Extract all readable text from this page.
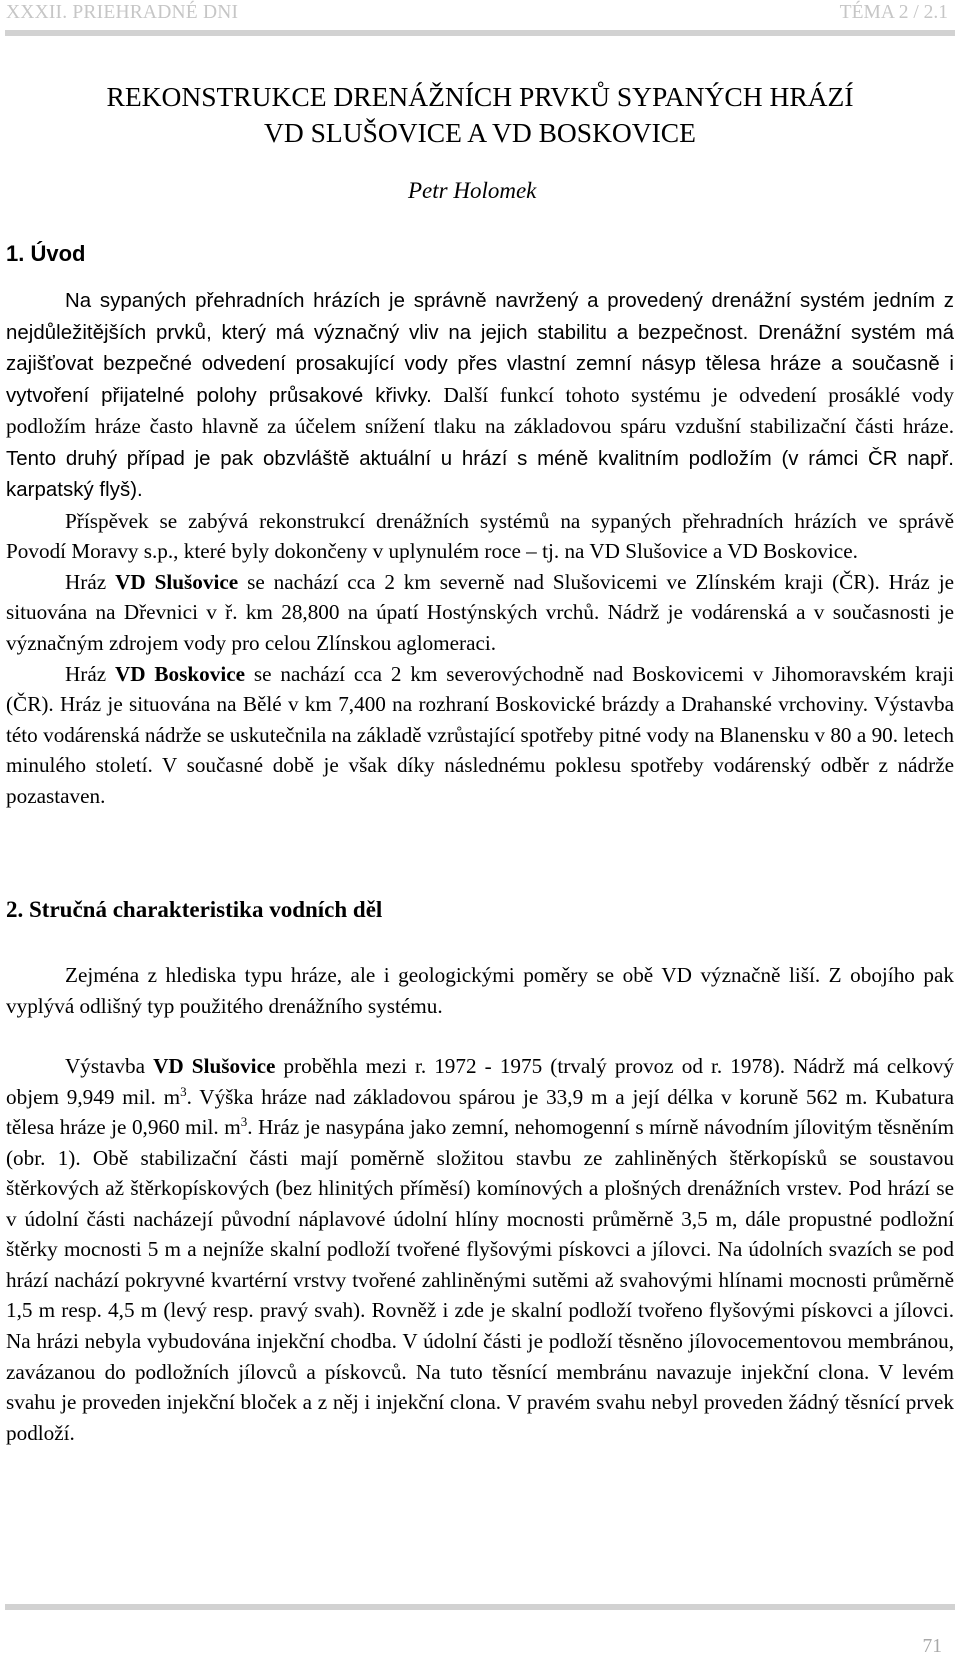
XXXII. PRIEHRADNÉ DNI	TÉMA 2 / 2.1
REKONSTRUKCE DRENÁŽNÍCH PRVKŮ SYPANÝCH HRÁZÍ
VD SLUŠOVICE A VD BOSKOVICE
Petr Holomek
1. Úvod

Na sypaných přehradních hrázích je správně navržený a provedený drenážní systém jedním z nejdůležitějších prvků, který má význačný vliv na jejich stabilitu a bezpečnost. Drenážní systém má zajišťovat bezpečné odvedení prosakující vody přes vlastní zemní násyp tělesa hráze a současně i vytvoření přijatelné polohy průsakové křivky. Další funkcí tohoto systému je odvedení prosáklé vody podložím hráze často hlavně za účelem snížení tlaku na základovou spáru vzdušní stabilizační části hráze. Tento druhý případ je pak obzvláště aktuální u hrází s méně kvalitním podložím (v rámci ČR např. karpatský flyš).

Příspěvek se zabývá rekonstrukcí drenážních systémů na sypaných přehradních hrázích ve správě Povodí Moravy s.p., které byly dokončeny v uplynulém roce – tj. na VD Slušovice a VD Boskovice.

Hráz VD Slušovice se nachází cca 2 km severně nad Slušovicemi ve Zlínském kraji (ČR). Hráz je situována na Dřevnici v ř. km 28,800 na úpatí Hostýnských vrchů. Nádrž je vodárenská a v současnosti je význačným zdrojem vody pro celou Zlínskou aglomeraci.

Hráz VD Boskovice se nachází cca 2 km severovýchodně nad Boskovicemi v Jihomoravském kraji (ČR). Hráz je situována na Bělé v km 7,400 na rozhraní Boskovické brázdy a Drahanské vrchoviny. Výstavba této vodárenská nádrže se uskutečnila na základě vzrůstající spotřeby pitné vody na Blanensku v 80 a 90. letech minulého století. V současné době je však díky následnému poklesu spotřeby vodárenský odběr z nádrže pozastaven.

2. Stručná charakteristika vodních děl

Zejména z hlediska typu hráze, ale i geologickými poměry se obě VD význačně liší. Z obojího pak vyplývá odlišný typ použitého drenážního systému.

Výstavba VD Slušovice proběhla mezi r. 1972 - 1975 (trvalý provoz od r. 1978). Nádrž má celkový objem 9,949 mil. $m^3$. Výška hráze nad základovou spárou je 33,9 m a její délka v koruně 562 m. Kubatura tělesa hráze je 0,960 mil. $m^3$. Hráz je nasypána jako zemní, nehomogenní s mírně návodním jílovitým těsněním (obr. 1). Obě stabilizační části mají poměrně složitou stavbu ze zahliněných štěrkopísků se soustavou štěrkových až štěrkopískových (bez hlinitých příměsí) komínových a plošných drenážních vrstev. Pod hrází se v údolní části nacházejí původní náplavové údolní hlíny mocnosti průměrně 3,5 m, dále propustné podložní štěrky mocnosti 5 m a nejníže skalní podloží tvořené flyšovými pískovci a jílovci. Na údolních svazích se pod hrází nachází pokryvné kvartérní vrstvy tvořené zahliněnými sutěmi až svahovými hlínami mocnosti průměrně 1,5 m resp. 4,5 m (levý resp. pravý svah). Rovněž i zde je skalní podloží tvořeno flyšovými pískovci a jílovci. Na hrázi nebyla vybudována injekční chodba. V údolní části je podloží těsněno jílovocementovou membránou, zavázanou do podložních jílovců a pískovců. Na tuto těsnící membránu navazuje injekční clona. V levém svahu je proveden injekční bloček a z něj i injekční clona. V pravém svahu nebyl proveden žádný těsnící prvek podloží.

71
